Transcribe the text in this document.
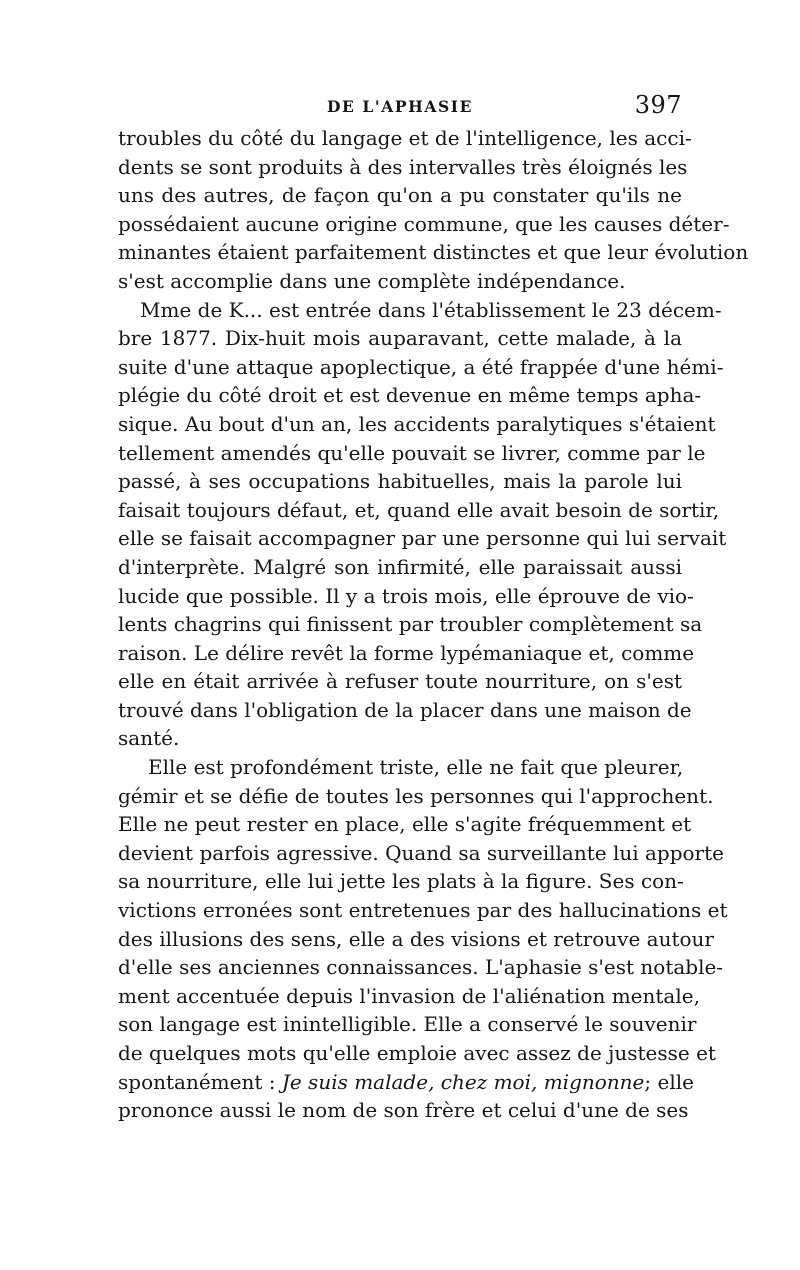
DE L'APHASIE	397
troubles du côté du langage et de l'intelligence, les acci-
dents se sont produits à des intervalles très éloignés les
uns des autres, de façon qu'on a pu constater qu'ils ne
possédaient aucune origine commune, que les causes déter-
minantes étaient parfaitement distinctes et que leur évolution
s'est accomplie dans une complète indépendance.
Mme de K... est entrée dans l'établissement le 23 décem-
bre 1877. Dix-huit mois auparavant, cette malade, à la
suite d'une attaque apoplectique, a été frappée d'une hémi-
plégie du côté droit et est devenue en même temps apha-
sique. Au bout d'un an, les accidents paralytiques s'étaient
tellement amendés qu'elle pouvait se livrer, comme par le
passé, à ses occupations habituelles, mais la parole lui
faisait toujours défaut, et, quand elle avait besoin de sortir,
elle se faisait accompagner par une personne qui lui servait
d'interprète. Malgré son infirmité, elle paraissait aussi
lucide que possible. Il y a trois mois, elle éprouve de vio-
lents chagrins qui finissent par troubler complètement sa
raison. Le délire revêt la forme lypémaniaque et, comme
elle en était arrivée à refuser toute nourriture, on s'est
trouvé dans l'obligation de la placer dans une maison de
santé.
Elle est profondément triste, elle ne fait que pleurer,
gémir et se défie de toutes les personnes qui l'approchent.
Elle ne peut rester en place, elle s'agite fréquemment et
devient parfois agressive. Quand sa surveillante lui apporte
sa nourriture, elle lui jette les plats à la figure. Ses con-
victions erronées sont entretenues par des hallucinations et
des illusions des sens, elle a des visions et retrouve autour
d'elle ses anciennes connaissances. L'aphasie s'est notable-
ment accentuée depuis l'invasion de l'aliénation mentale,
son langage est inintelligible. Elle a conservé le souvenir
de quelques mots qu'elle emploie avec assez de justesse et
spontanément : Je suis malade, chez moi, mignonne; elle
prononce aussi le nom de son frère et celui d'une de ses
